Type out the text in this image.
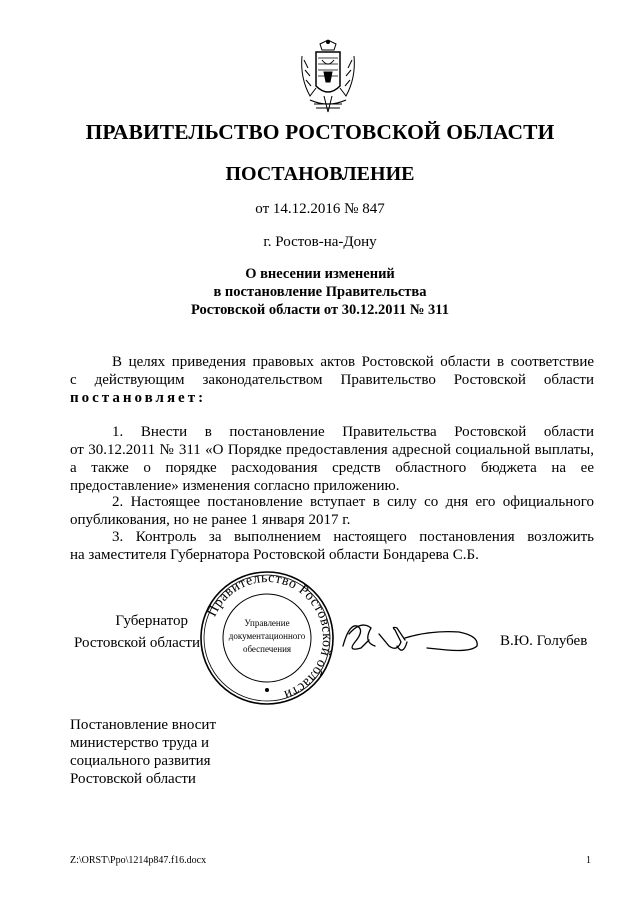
ПРАВИТЕЛЬСТВО РОСТОВСКОЙ ОБЛАСТИ
ПОСТАНОВЛЕНИЕ
от 14.12.2016 № 847
г. Ростов-на-Дону
О внесении изменений
в постановление Правительства
Ростовской области от 30.12.2011 № 311
В целях приведения правовых актов Ростовской области в соответствие
с действующим законодательством Правительство Ростовской области
постановляет:
1. Внести в постановление Правительства Ростовской области
от 30.12.2011 № 311 «О Порядке предоставления адресной социальной выплаты,
а также о порядке расходования средств областного бюджета на ее
предоставление» изменения согласно приложению.
2. Настоящее постановление вступает в силу со дня его официального
опубликования, но не ранее 1 января 2017 г.
3. Контроль за выполнением настоящего постановления возложить
на заместителя Губернатора Ростовской области Бондарева С.Б.
Губернатор
Ростовской области
Правительство Ростовской области
Управление
документационного
обеспечения	В.Ю. Голубев
Постановление вносит
министерство труда и
социального развития
Ростовской области
Z:\ORST\Ppo\1214p847.f16.docx	1
